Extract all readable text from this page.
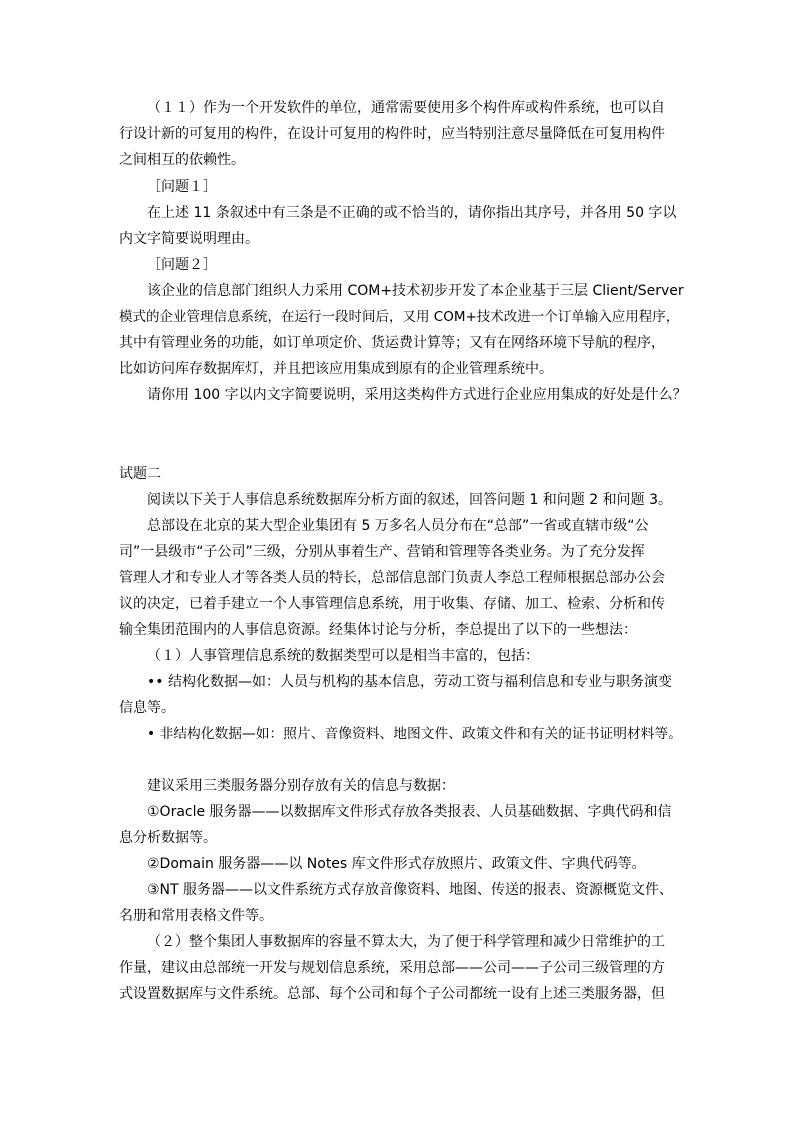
（１１）作为一个开发软件的单位，通常需要使用多个构件库或构件系统，也可以自
行设计新的可复用的构件，在设计可复用的构件时，应当特别注意尽量降低在可复用构件
之间相互的依赖性。
［问题１］
在上述 11 条叙述中有三条是不正确的或不恰当的，请你指出其序号，并各用 50 字以
内文字简要说明理由。
［问题２］
该企业的信息部门组织人力采用 COM+技术初步开发了本企业基于三层 Client/Server
模式的企业管理信息系统，在运行一段时间后，又用 COM+技术改进一个订单输入应用程序，
其中有管理业务的功能，如订单项定价、货运费计算等；又有在网络环境下导航的程序，
比如访问库存数据库灯，并且把该应用集成到原有的企业管理系统中。
请你用 100 字以内文字简要说明，采用这类构件方式进行企业应用集成的好处是什么？
试题二
阅读以下关于人事信息系统数据库分析方面的叙述，回答问题 1 和问题 2 和问题 3。
总部设在北京的某大型企业集团有 5 万多名人员分布在“总部”一省或直辖市级“公
司”一县级市“子公司”三级，分别从事着生产、营销和管理等各类业务。为了充分发挥
管理人才和专业人才等各类人员的特长，总部信息部门负责人李总工程师根据总部办公会
议的决定，已着手建立一个人事管理信息系统，用于收集、存储、加工、检索、分析和传
输全集团范围内的人事信息资源。经集体讨论与分析，李总提出了以下的一些想法：
（１）人事管理信息系统的数据类型可以是相当丰富的，包括：
•• 结构化数据—如：人员与机构的基本信息，劳动工资与福利信息和专业与职务演变
信息等。
• 非结构化数据—如：照片、音像资料、地图文件、政策文件和有关的证书证明材料等。
建议采用三类服务器分别存放有关的信息与数据：
①Oracle 服务器——以数据库文件形式存放各类报表、人员基础数据、字典代码和信
息分析数据等。
②Domain 服务器——以 Notes 库文件形式存放照片、政策文件、字典代码等。
③NT 服务器——以文件系统方式存放音像资料、地图、传送的报表、资源概览文件、
名册和常用表格文件等。
（２）整个集团人事数据库的容量不算太大，为了便于科学管理和减少日常维护的工
作量，建议由总部统一开发与规划信息系统，采用总部——公司——子公司三级管理的方
式设置数据库与文件系统。总部、每个公司和每个子公司都统一设有上述三类服务器，但
